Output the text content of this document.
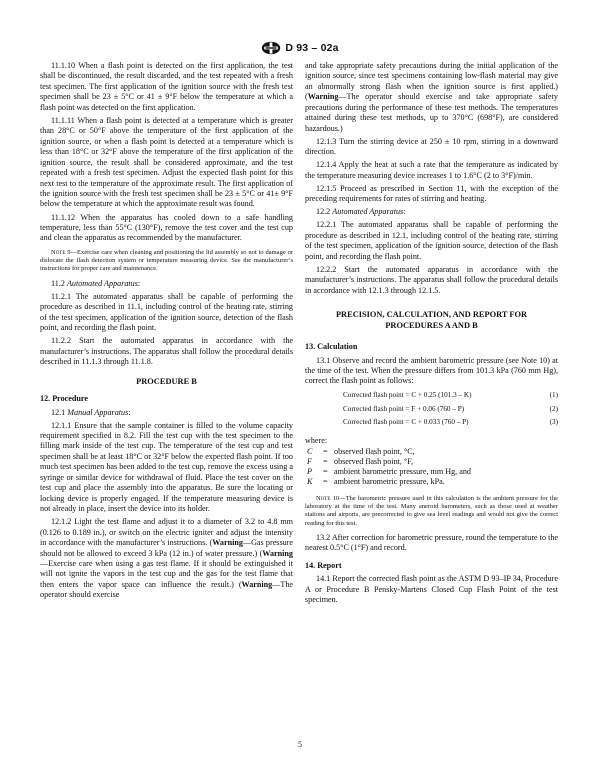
D 93 – 02a

11.1.10 When a flash point is detected on the first application, the test shall be discontinued, the result discarded, and the test repeated with a fresh test specimen. The first application of the ignition source with the fresh test specimen shall be 23 ± 5°C or 41 ± 9°F below the temperature at which a flash point was detected on the first application.

11.1.11 When a flash point is detected at a temperature which is greater than 28°C or 50°F above the temperature of the first application of the ignition source, or when a flash point is detected at a temperature which is less than 18°C or 32°F above the temperature of the first application of the ignition source, the result shall be considered approximate, and the test repeated with a fresh test specimen. Adjust the expected flash point for this next test to the temperature of the approximate result. The first application of the ignition source with the fresh test specimen shall be 23 ± 5°C or 41± 9°F below the temperature at which the approximate result was found.

11.1.12 When the apparatus has cooled down to a safe handling temperature, less than 55°C (130°F), remove the test cover and the test cup and clean the apparatus as recommended by the manufacturer.

Note 9—Exercise care when cleaning and positioning the lid assembly so not to damage or dislocate the flash detection system or temperature measuring device. See the manufacturer’s instructions for proper care and maintenance.

11.2 Automated Apparatus:

11.2.1 The automated apparatus shall be capable of performing the procedure as described in 11.1, including control of the heating rate, stirring of the test specimen, application of the ignition source, detection of the flash point, and recording the flash point.

11.2.2 Start the automated apparatus in accordance with the manufacturer’s instructions. The apparatus shall follow the procedural details described in 11.1.3 through 11.1.8.

PROCEDURE B
12. Procedure

12.1 Manual Apparatus:

12.1.1 Ensure that the sample container is filled to the volume capacity requirement specified in 8.2. Fill the test cup with the test specimen to the filling mark inside of the test cup. The temperature of the test cup and test specimen shall be at least 18°C or 32°F below the expected flash point. If too much test specimen has been added to the test cup, remove the excess using a syringe or similar device for withdrawal of fluid. Place the test cover on the test cup and place the assembly into the apparatus. Be sure the locating or locking device is properly engaged. If the temperature measuring device is not already in place, insert the device into its holder.

12.1.2 Light the test flame and adjust it to a diameter of 3.2 to 4.8 mm (0.126 to 0.189 in.), or switch on the electric igniter and adjust the intensity in accordance with the manufacturer’s instructions. (Warning—Gas pressure should not be allowed to exceed 3 kPa (12 in.) of water pressure.) (Warning—Exercise care when using a gas test flame. If it should be extinguished it will not ignite the vapors in the test cup and the gas for the test flame that then enters the vapor space can influence the result.) (Warning—The operator should exercise

and take appropriate safety precautions during the initial application of the ignition source, since test specimens containing low-flash material may give an abnormally strong flash when the ignition source is first applied.) (Warning—The operator should exercise and take appropriate safety precautions during the performance of these test methods. The temperatures attained during these test methods, up to 370°C (698°F), are considered hazardous.)

12.1.3 Turn the stirring device at 250 ± 10 rpm, stirring in a downward direction.

12.1.4 Apply the heat at such a rate that the temperature as indicated by the temperature measuring device increases 1 to 1.6°C (2 to 3°F)/min.

12.1.5 Proceed as prescribed in Section 11, with the exception of the preceding requirements for rates of stirring and heating.

12.2 Automated Apparatus:

12.2.1 The automated apparatus shall be capable of performing the procedure as described in 12.1, including control of the heating rate, stirring of the test specimen, application of the ignition source, detection of the flash point, and recording the flash point.

12.2.2 Start the automated apparatus in accordance with the manufacturer’s instructions. The apparatus shall follow the procedural details in accordance with 12.1.3 through 12.1.5.

PRECISION, CALCULATION, AND REPORT FOR
PROCEDURES A AND B
13. Calculation

13.1 Observe and record the ambient barometric pressure (see Note 10) at the time of the test. When the pressure differs from 101.3 kPa (760 mm Hg), correct the flash point as follows:

Corrected flash point = C + 0.25 (101.3 – K)	(1)
Corrected flash point = F + 0.06 (760 – P)	(2)
Corrected flash point = C + 0.033 (760 – P)	(3)

where:

C	= observed flash point, °C,
F	= observed flash point, °F,
P	= ambient barometric pressure, mm Hg, and
K	= ambient barometric pressure, kPa.

Note 10—The barometric pressure used in this calculation is the ambient pressure for the laboratory at the time of the test. Many aneroid barometers, such as those used at weather stations and airports, are precorrected to give sea level readings and would not give the correct reading for this test.

13.2 After correction for barometric pressure, round the temperature to the nearest 0.5°C (1°F) and record.

14. Report

14.1 Report the corrected flash point as the ASTM D 93–IP 34, Procedure A or Procedure B Pensky-Martens Closed Cup Flash Point of the test specimen.

5
